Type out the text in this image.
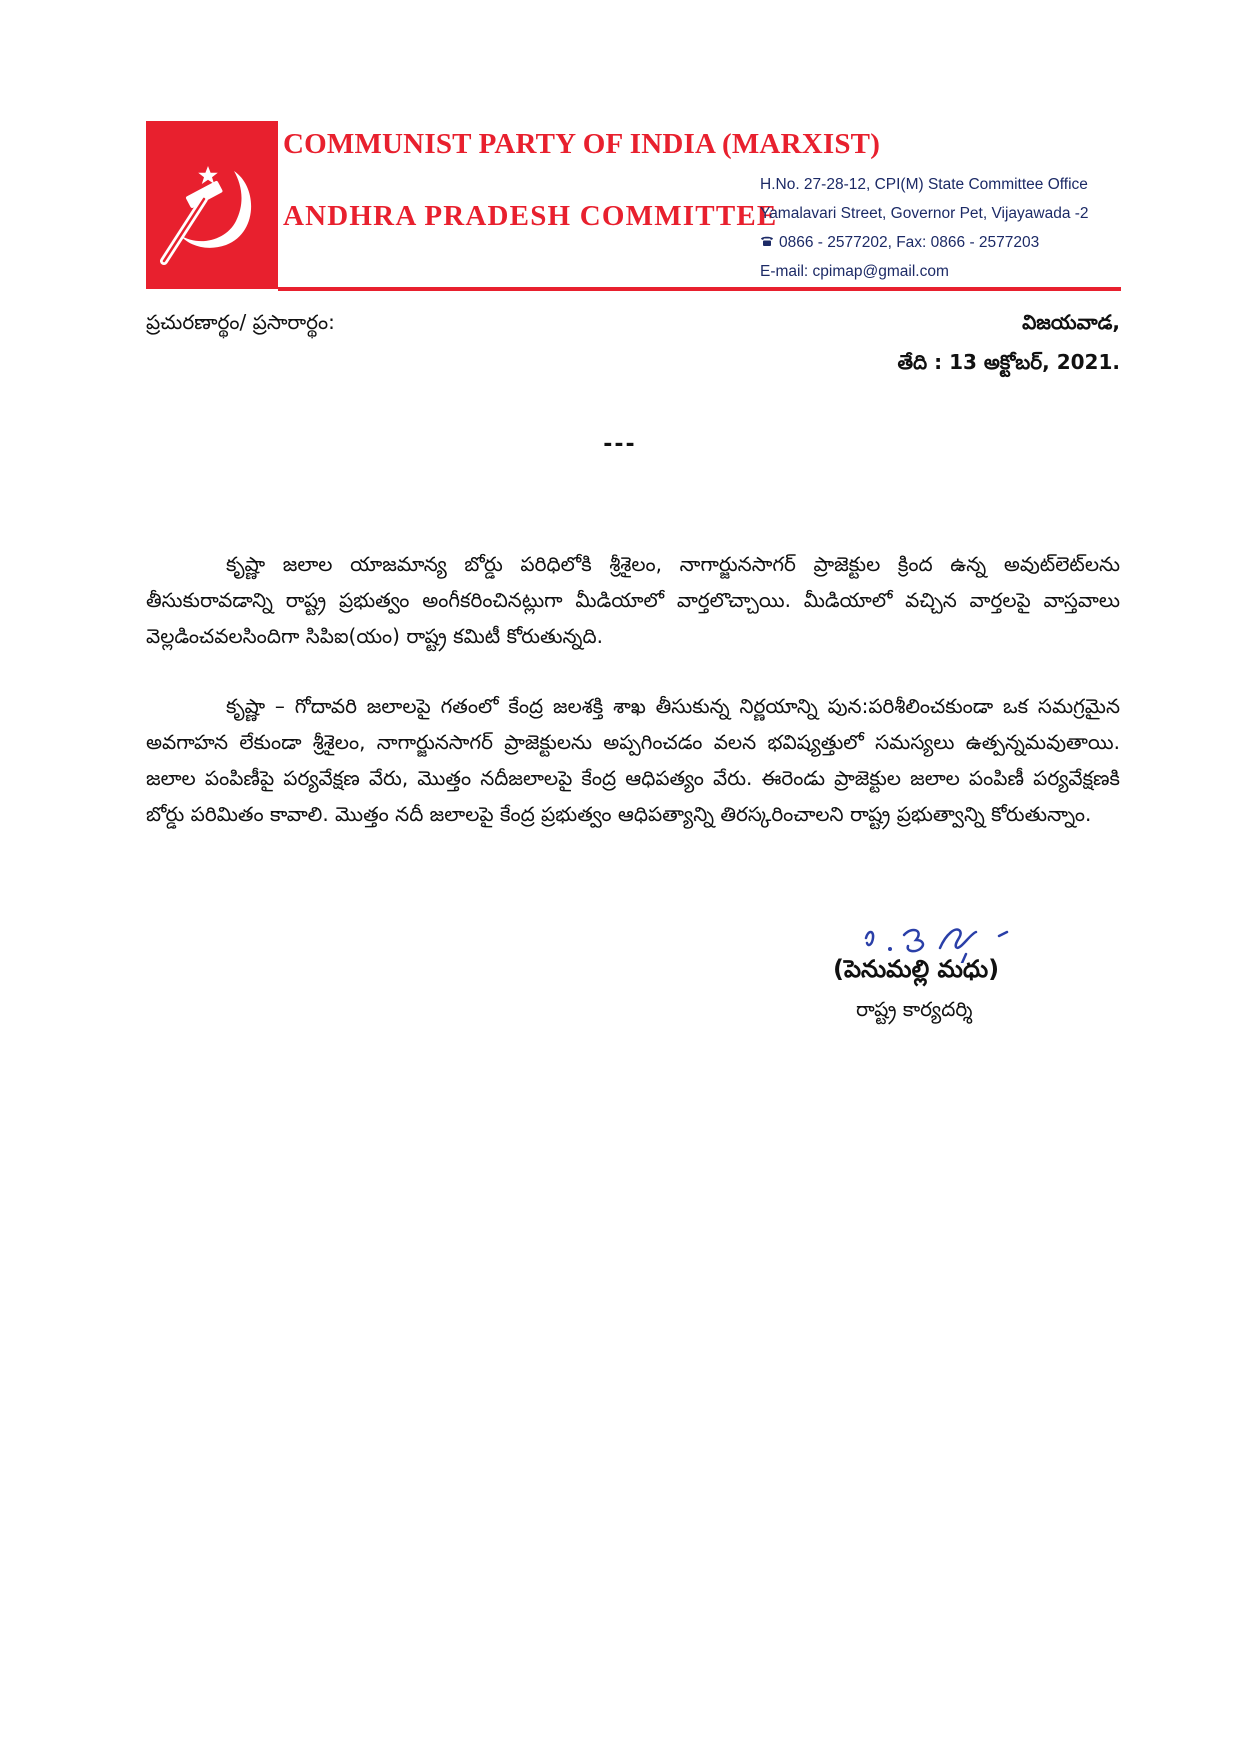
COMMUNIST PARTY OF INDIA (MARXIST)
ANDHRA PRADESH COMMITTEE
H.No. 27-28-12, CPI(M) State Committee Office
Yamalavari Street, Governor Pet, Vijayawada -2
0866 - 2577202, Fax: 0866 - 2577203
E-mail: cpimap@gmail.com
ప్రచురణార్థం/ ప్రసారార్థం:	విజయవాడ,
తేది : 13 అక్టోబర్, 2021.
---

కృష్ణా జలాల యాజమాన్య బోర్డు పరిధిలోకి శ్రీశైలం, నాగార్జునసాగర్ ప్రాజెక్టుల క్రింద ఉన్న అవుట్‌లెట్‌లను తీసుకురావడాన్ని రాష్ట్ర ప్రభుత్వం అంగీకరించినట్లుగా మీడియాలో వార్తలొచ్చాయి. మీడియాలో వచ్చిన వార్తలపై వాస్తవాలు వెల్లడించవలసిందిగా సిపిఐ(యం) రాష్ట్ర కమిటీ కోరుతున్నది.

కృష్ణా – గోదావరి జలాలపై గతంలో కేంద్ర జలశక్తి శాఖ తీసుకున్న నిర్ణయాన్ని పున:పరిశీలించకుండా ఒక సమగ్రమైన అవగాహన లేకుండా శ్రీశైలం, నాగార్జునసాగర్ ప్రాజెక్టులను అప్పగించడం వలన భవిష్యత్తులో సమస్యలు ఉత్పన్నమవుతాయి. జలాల పంపిణీపై పర్యవేక్షణ వేరు, మొత్తం నదీజలాలపై కేంద్ర ఆధిపత్యం వేరు. ఈరెండు ప్రాజెక్టుల జలాల పంపిణీ పర్యవేక్షణకి బోర్డు పరిమితం కావాలి. మొత్తం నదీ జలాలపై కేంద్ర ప్రభుత్వం ఆధిపత్యాన్ని తిరస్కరించాలని రాష్ట్ర ప్రభుత్వాన్ని కోరుతున్నాం.

(పెనుమల్లి మధు)
రాష్ట్ర కార్యదర్శి
